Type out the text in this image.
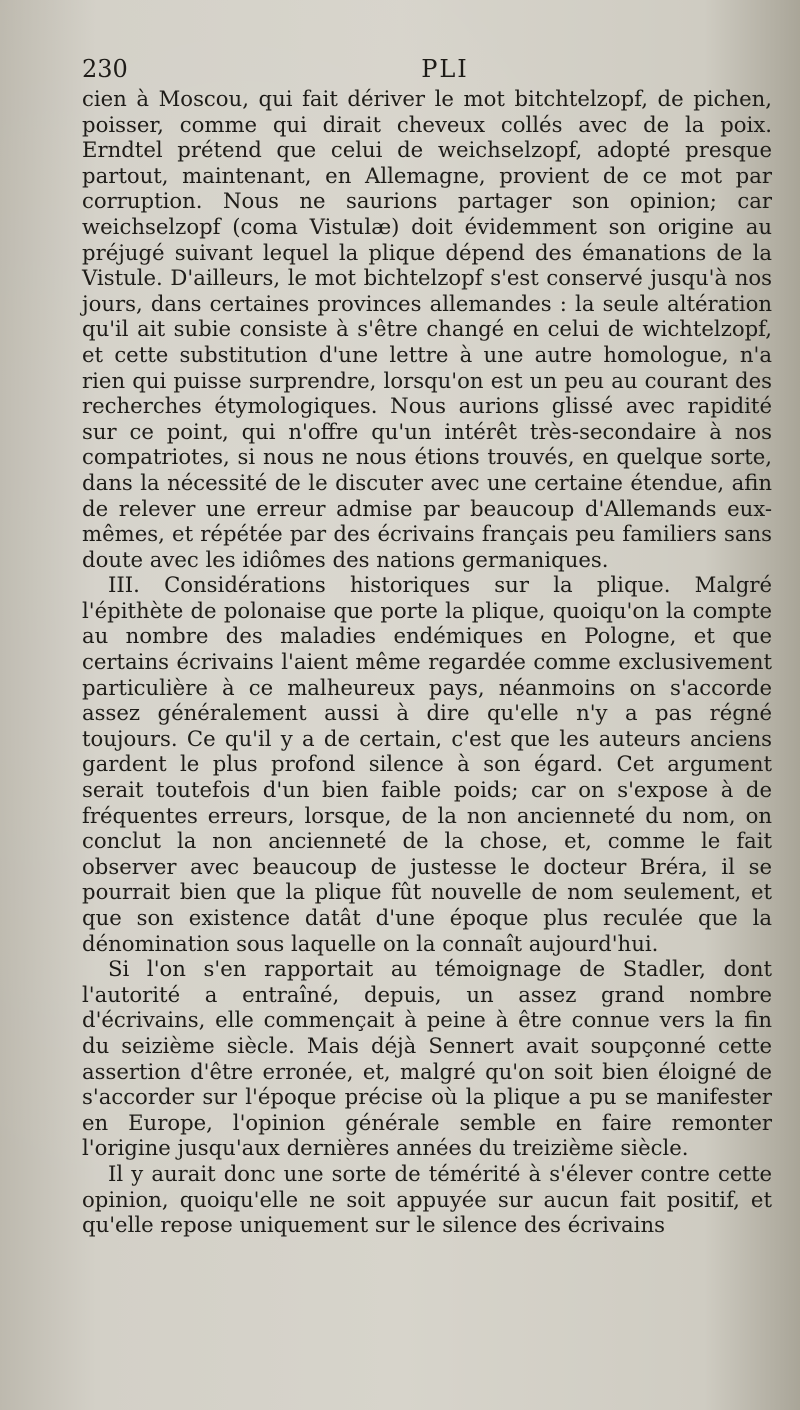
230	PLI

cien à Moscou, qui fait dériver le mot bitchtelzopf, de pichen, poisser, comme qui dirait cheveux collés avec de la poix. Erndtel prétend que celui de weichselzopf, adopté presque partout, maintenant, en Allemagne, provient de ce mot par corruption. Nous ne saurions partager son opinion; car weichselzopf (coma Vistulæ) doit évidemment son origine au préjugé suivant lequel la plique dépend des émanations de la Vistule. D'ailleurs, le mot bichtelzopf s'est conservé jusqu'à nos jours, dans certaines provinces allemandes : la seule altération qu'il ait subie consiste à s'être changé en celui de wichtelzopf, et cette substitution d'une lettre à une autre homologue, n'a rien qui puisse surprendre, lorsqu'on est un peu au courant des recherches étymologiques. Nous aurions glissé avec rapidité sur ce point, qui n'offre qu'un intérêt très-secondaire à nos compatriotes, si nous ne nous étions trouvés, en quelque sorte, dans la nécessité de le discuter avec une certaine étendue, afin de relever une erreur admise par beaucoup d'Allemands eux-mêmes, et répétée par des écrivains français peu familiers sans doute avec les idiômes des nations germaniques.

III. Considérations historiques sur la plique. Malgré l'épithète de polonaise que porte la plique, quoiqu'on la compte au nombre des maladies endémiques en Pologne, et que certains écrivains l'aient même regardée comme exclusivement particulière à ce malheureux pays, néanmoins on s'accorde assez généralement aussi à dire qu'elle n'y a pas régné toujours. Ce qu'il y a de certain, c'est que les auteurs anciens gardent le plus profond silence à son égard. Cet argument serait toutefois d'un bien faible poids; car on s'expose à de fréquentes erreurs, lorsque, de la non ancienneté du nom, on conclut la non ancienneté de la chose, et, comme le fait observer avec beaucoup de justesse le docteur Bréra, il se pourrait bien que la plique fût nouvelle de nom seulement, et que son existence datât d'une époque plus reculée que la dénomination sous laquelle on la connaît aujourd'hui.

Si l'on s'en rapportait au témoignage de Stadler, dont l'autorité a entraîné, depuis, un assez grand nombre d'écrivains, elle commençait à peine à être connue vers la fin du seizième siècle. Mais déjà Sennert avait soupçonné cette assertion d'être erronée, et, malgré qu'on soit bien éloigné de s'accorder sur l'époque précise où la plique a pu se manifester en Europe, l'opinion générale semble en faire remonter l'origine jusqu'aux dernières années du treizième siècle.

Il y aurait donc une sorte de témérité à s'élever contre cette opinion, quoiqu'elle ne soit appuyée sur aucun fait positif, et qu'elle repose uniquement sur le silence des écrivains
